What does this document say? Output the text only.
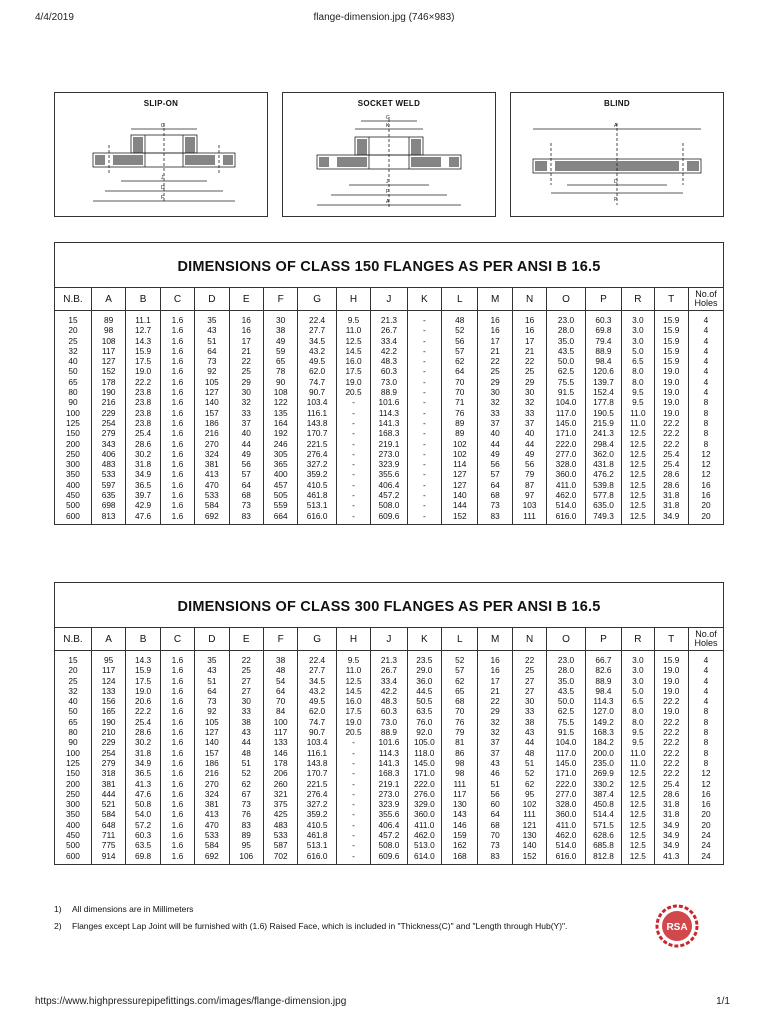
4/4/2019	flange-dimension.jpg (746×983)
SLIP-ON
G
J
D
F
SOCKET WELD
G
K
J
P
A
BLIND
A
D
P
DIMENSIONS OF CLASS 150 FLANGES AS PER ANSI B 16.5
N.B.	A	B	C	D	E	F	G	H	J	K	L	M	N	O	P	R	T	No.of Holes
15	89	11.1	1.6	35	16	30	22.4	9.5	21.3	-	48	16	16	23.0	60.3	3.0	15.9	4
20	98	12.7	1.6	43	16	38	27.7	11.0	26.7	-	52	16	16	28.0	69.8	3.0	15.9	4
25	108	14.3	1.6	51	17	49	34.5	12.5	33.4	-	56	17	17	35.0	79.4	3.0	15.9	4
32	117	15.9	1.6	64	21	59	43.2	14.5	42.2	-	57	21	21	43.5	88.9	5.0	15.9	4
40	127	17.5	1.6	73	22	65	49.5	16.0	48.3	-	62	22	22	50.0	98.4	6.5	15.9	4
50	152	19.0	1.6	92	25	78	62.0	17.5	60.3	-	64	25	25	62.5	120.6	8.0	19.0	4
65	178	22.2	1.6	105	29	90	74.7	19.0	73.0	-	70	29	29	75.5	139.7	8.0	19.0	4
80	190	23.8	1.6	127	30	108	90.7	20.5	88.9	-	70	30	30	91.5	152.4	9.5	19.0	4
90	216	23.8	1.6	140	32	122	103.4	-	101.6	-	71	32	32	104.0	177.8	9.5	19.0	8
100	229	23.8	1.6	157	33	135	116.1	-	114.3	-	76	33	33	117.0	190.5	11.0	19.0	8
125	254	23.8	1.6	186	37	164	143.8	-	141.3	-	89	37	37	145.0	215.9	11.0	22.2	8
150	279	25.4	1.6	216	40	192	170.7	-	168.3	-	89	40	40	171.0	241.3	12.5	22.2	8
200	343	28.6	1.6	270	44	246	221.5	-	219.1	-	102	44	44	222.0	298.4	12.5	22.2	8
250	406	30.2	1.6	324	49	305	276.4	-	273.0	-	102	49	49	277.0	362.0	12.5	25.4	12
300	483	31.8	1.6	381	56	365	327.2	-	323.9	-	114	56	56	328.0	431.8	12.5	25.4	12
350	533	34.9	1.6	413	57	400	359.2	-	355.6	-	127	57	79	360.0	476.2	12.5	28.6	12
400	597	36.5	1.6	470	64	457	410.5	-	406.4	-	127	64	87	411.0	539.8	12.5	28.6	16
450	635	39.7	1.6	533	68	505	461.8	-	457.2	-	140	68	97	462.0	577.8	12.5	31.8	16
500	698	42.9	1.6	584	73	559	513.1	-	508.0	-	144	73	103	514.0	635.0	12.5	31.8	20
600	813	47.6	1.6	692	83	664	616.0	-	609.6	-	152	83	111	616.0	749.3	12.5	34.9	20
DIMENSIONS OF CLASS 300 FLANGES AS PER ANSI B 16.5
N.B.	A	B	C	D	E	F	G	H	J	K	L	M	N	O	P	R	T	No.of Holes
15	95	14.3	1.6	35	22	38	22.4	9.5	21.3	23.5	52	16	22	23.0	66.7	3.0	15.9	4
20	117	15.9	1.6	43	25	48	27.7	11.0	26.7	29.0	57	16	25	28.0	82.6	3.0	19.0	4
25	124	17.5	1.6	51	27	54	34.5	12.5	33.4	36.0	62	17	27	35.0	88.9	3.0	19.0	4
32	133	19.0	1.6	64	27	64	43.2	14.5	42.2	44.5	65	21	27	43.5	98.4	5.0	19.0	4
40	156	20.6	1.6	73	30	70	49.5	16.0	48.3	50.5	68	22	30	50.0	114.3	6.5	22.2	4
50	165	22.2	1.6	92	33	84	62.0	17.5	60.3	63.5	70	29	33	62.5	127.0	8.0	19.0	8
65	190	25.4	1.6	105	38	100	74.7	19.0	73.0	76.0	76	32	38	75.5	149.2	8.0	22.2	8
80	210	28.6	1.6	127	43	117	90.7	20.5	88.9	92.0	79	32	43	91.5	168.3	9.5	22.2	8
90	229	30.2	1.6	140	44	133	103.4	-	101.6	105.0	81	37	44	104.0	184.2	9.5	22.2	8
100	254	31.8	1.6	157	48	146	116.1	-	114.3	118.0	86	37	48	117.0	200.0	11.0	22.2	8
125	279	34.9	1.6	186	51	178	143.8	-	141.3	145.0	98	43	51	145.0	235.0	11.0	22.2	8
150	318	36.5	1.6	216	52	206	170.7	-	168.3	171.0	98	46	52	171.0	269.9	12.5	22.2	12
200	381	41.3	1.6	270	62	260	221.5	-	219.1	222.0	111	51	62	222.0	330.2	12.5	25.4	12
250	444	47.6	1.6	324	67	321	276.4	-	273.0	276.0	117	56	95	277.0	387.4	12.5	28.6	16
300	521	50.8	1.6	381	73	375	327.2	-	323.9	329.0	130	60	102	328.0	450.8	12.5	31.8	16
350	584	54.0	1.6	413	76	425	359.2	-	355.6	360.0	143	64	111	360.0	514.4	12.5	31.8	20
400	648	57.2	1.6	470	83	483	410.5	-	406.4	411.0	146	68	121	411.0	571.5	12.5	34.9	20
450	711	60.3	1.6	533	89	533	461.8	-	457.2	462.0	159	70	130	462.0	628.6	12.5	34.9	24
500	775	63.5	1.6	584	95	587	513.1	-	508.0	513.0	162	73	140	514.0	685.8	12.5	34.9	24
600	914	69.8	1.6	692	106	702	616.0	-	609.6	614.0	168	83	152	616.0	812.8	12.5	41.3	24
1) All dimensions are in Millimeters
2) Flanges except Lap Joint will be furnished with (1.6) Raised Face, which is included in "Thickness(C)" and "Length through Hub(Y)".	RSA
https://www.highpressurepipefittings.com/images/flange-dimension.jpg	1/1
